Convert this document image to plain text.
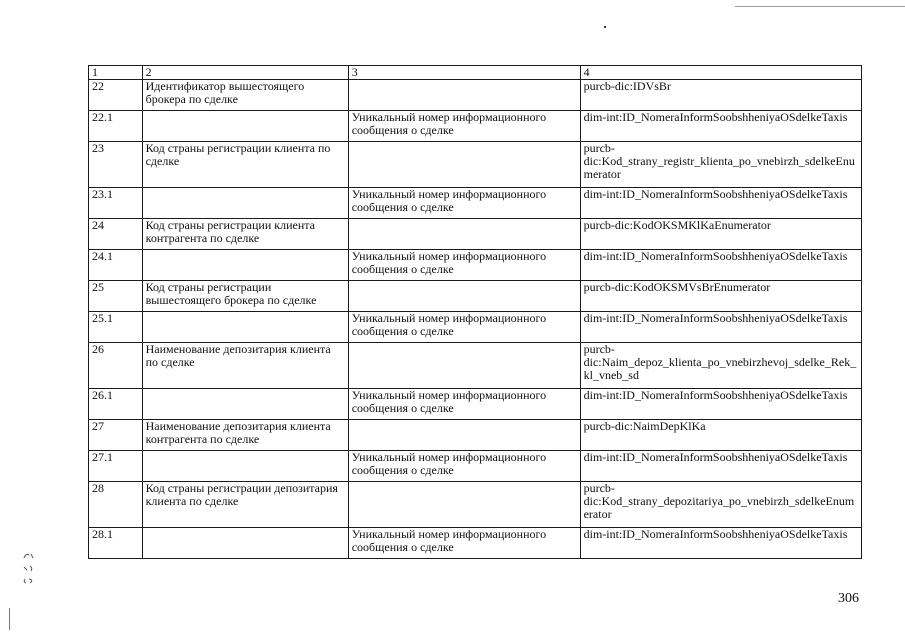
1	2	3	4
22	Идентификатор вышестоящего брокера по сделке		purcb-dic:IDVsBr
22.1		Уникальный номер информационного сообщения о сделке	dim-int:ID_NomeraInformSoobshheniyaOSdelkeTaxis
23	Код страны регистрации клиента по сделке		purcb-dic:Kod_strany_registr_klienta_po_vnebirzh_sdelkeEnumerator
23.1		Уникальный номер информационного сообщения о сделке	dim-int:ID_NomeraInformSoobshheniyaOSdelkeTaxis
24	Код страны регистрации клиента контрагента по сделке		purcb-dic:KodOKSMKlKaEnumerator
24.1		Уникальный номер информационного сообщения о сделке	dim-int:ID_NomeraInformSoobshheniyaOSdelkeTaxis
25	Код страны регистрации вышестоящего брокера по сделке		purcb-dic:KodOKSMVsBrEnumerator
25.1		Уникальный номер информационного сообщения о сделке	dim-int:ID_NomeraInformSoobshheniyaOSdelkeTaxis
26	Наименование депозитария клиента по сделке		purcb-dic:Naim_depoz_klienta_po_vnebirzhevoj_sdelke_Rek_kl_vneb_sd
26.1		Уникальный номер информационного сообщения о сделке	dim-int:ID_NomeraInformSoobshheniyaOSdelkeTaxis
27	Наименование депозитария клиента контрагента по сделке		purcb-dic:NaimDepKlKa
27.1		Уникальный номер информационного сообщения о сделке	dim-int:ID_NomeraInformSoobshheniyaOSdelkeTaxis
28	Код страны регистрации депозитария клиента по сделке		purcb-dic:Kod_strany_depozitariya_po_vnebirzh_sdelkeEnumerator
28.1		Уникальный номер информационного сообщения о сделке	dim-int:ID_NomeraInformSoobshheniyaOSdelkeTaxis
306
